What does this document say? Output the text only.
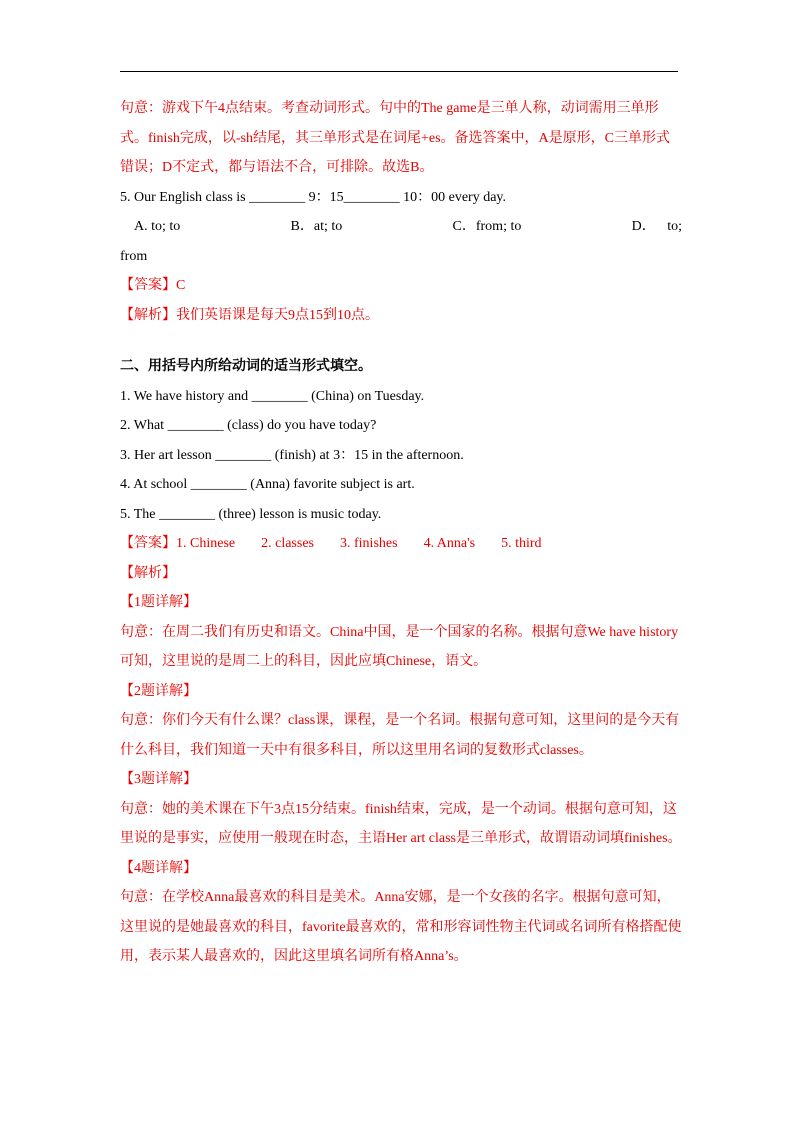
句意：游戏下午4点结束。考查动词形式。句中的The game是三单人称，动词需用三单形式。finish完成，以-sh结尾，其三单形式是在词尾+es。备选答案中，A是原形，C三单形式错误；D不定式，都与语法不合，可排除。故选B。
5. Our English class is ________ 9：15________ 10：00 every day.
A. to; to	B．at; to	C．from; to	D． to;
from
【答案】C
【解析】我们英语课是每天9点15到10点。
二、用括号内所给动词的适当形式填空。
1. We have history and ________ (China) on Tuesday.
2. What ________ (class) do you have today?
3. Her art lesson ________ (finish) at 3：15 in the afternoon.
4. At school ________ (Anna) favorite subject is art.
5. The ________ (three) lesson is music today.
【答案】 1. Chinese 2. classes 3. finishes 4. Anna's 5. third
【解析】
【1题详解】
句意：在周二我们有历史和语文。China中国，是一个国家的名称。根据句意We have history可知，这里说的是周二上的科目，因此应填Chinese，语文。
【2题详解】
句意：你们今天有什么课？class课，课程，是一个名词。根据句意可知，这里问的是今天有什么科目，我们知道一天中有很多科目，所以这里用名词的复数形式classes。
【3题详解】
句意：她的美术课在下午3点15分结束。finish结束，完成，是一个动词。根据句意可知，这里说的是事实，应使用一般现在时态，主语Her art class是三单形式，故谓语动词填finishes。
【4题详解】
句意：在学校Anna最喜欢的科目是美术。Anna安娜，是一个女孩的名字。根据句意可知，这里说的是她最喜欢的科目，favorite最喜欢的，常和形容词性物主代词或名词所有格搭配使用，表示某人最喜欢的，因此这里填名词所有格Anna’s。
